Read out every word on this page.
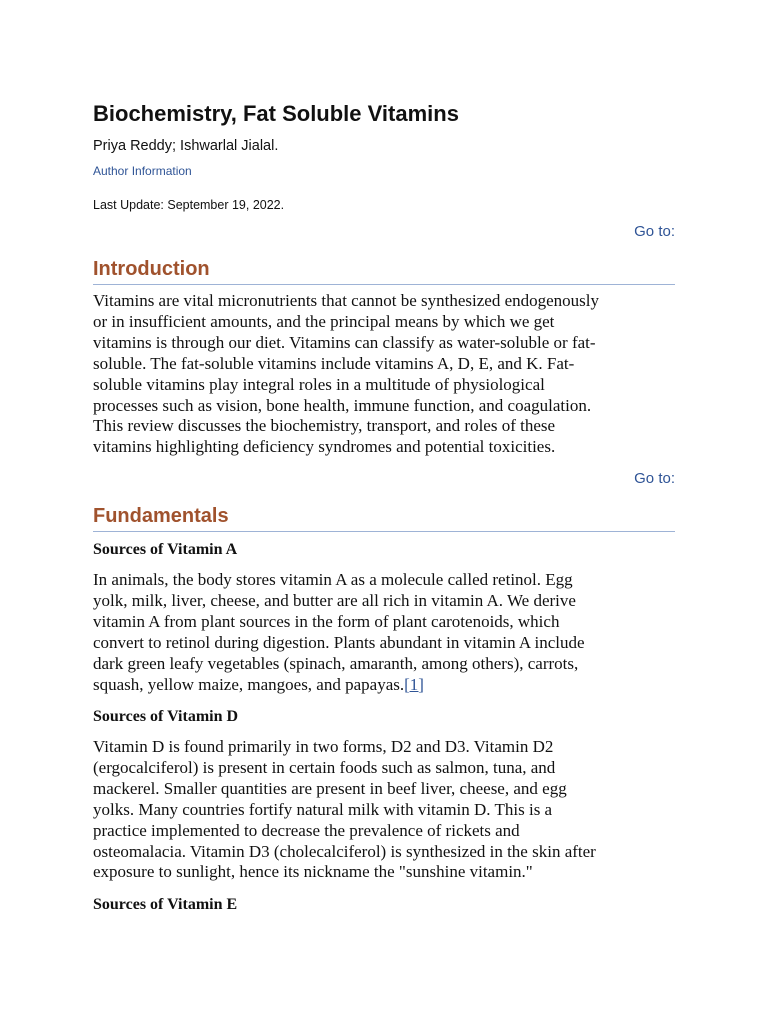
Biochemistry, Fat Soluble Vitamins
Priya Reddy; Ishwarlal Jialal.
Author Information
Last Update: September 19, 2022.
Go to:
Introduction
Vitamins are vital micronutrients that cannot be synthesized endogenously
or in insufficient amounts, and the principal means by which we get
vitamins is through our diet. Vitamins can classify as water-soluble or fat-
soluble. The fat-soluble vitamins include vitamins A, D, E, and K. Fat-
soluble vitamins play integral roles in a multitude of physiological
processes such as vision, bone health, immune function, and coagulation.
This review discusses the biochemistry, transport, and roles of these
vitamins highlighting deficiency syndromes and potential toxicities.
Go to:
Fundamentals
Sources of Vitamin A
In animals, the body stores vitamin A as a molecule called retinol. Egg
yolk, milk, liver, cheese, and butter are all rich in vitamin A. We derive
vitamin A from plant sources in the form of plant carotenoids, which
convert to retinol during digestion. Plants abundant in vitamin A include
dark green leafy vegetables (spinach, amaranth, among others), carrots,
squash, yellow maize, mangoes, and papayas.[1]
Sources of Vitamin D
Vitamin D is found primarily in two forms, D2 and D3. Vitamin D2
(ergocalciferol) is present in certain foods such as salmon, tuna, and
mackerel. Smaller quantities are present in beef liver, cheese, and egg
yolks. Many countries fortify natural milk with vitamin D. This is a
practice implemented to decrease the prevalence of rickets and
osteomalacia. Vitamin D3 (cholecalciferol) is synthesized in the skin after
exposure to sunlight, hence its nickname the "sunshine vitamin."
Sources of Vitamin E
